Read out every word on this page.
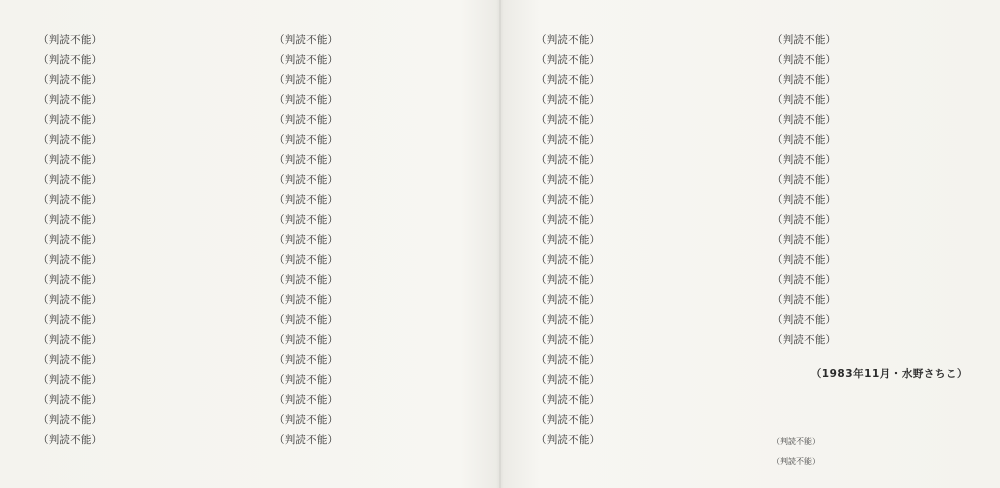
（判読不能）
（判読不能）
（判読不能）
（判読不能）
（判読不能）
（判読不能）
（判読不能）
（判読不能）
（判読不能）
（判読不能）
（判読不能）
（判読不能）
（判読不能）
（判読不能）
（判読不能）
（判読不能）
（判読不能）
（判読不能）
（判読不能）
（判読不能）
（判読不能）
（判読不能）
（判読不能）
（判読不能）
（判読不能）
（判読不能）
（判読不能）
（判読不能）
（判読不能）
（判読不能）
（判読不能）
（判読不能）
（判読不能）
（判読不能）
（判読不能）
（判読不能）
（判読不能）
（判読不能）
（判読不能）
（判読不能）
（判読不能）
（判読不能）
（判読不能）
（判読不能）
（判読不能）
（判読不能）
（判読不能）
（判読不能）
（判読不能）
（判読不能）
（判読不能）
（判読不能）
（判読不能）
（判読不能）
（判読不能）
（判読不能）
（判読不能）
（判読不能）
（判読不能）
（判読不能）
（判読不能）
（判読不能）
（判読不能）
（判読不能）
（判読不能）
（判読不能）
（判読不能）
（判読不能）
（判読不能）
（判読不能）
（判読不能）
（判読不能）
（判読不能）
（判読不能）
（判読不能）
（判読不能）
（判読不能）
（判読不能）
（判読不能）
（1983年11月・水野さちこ）
（判読不能）
（判読不能）
